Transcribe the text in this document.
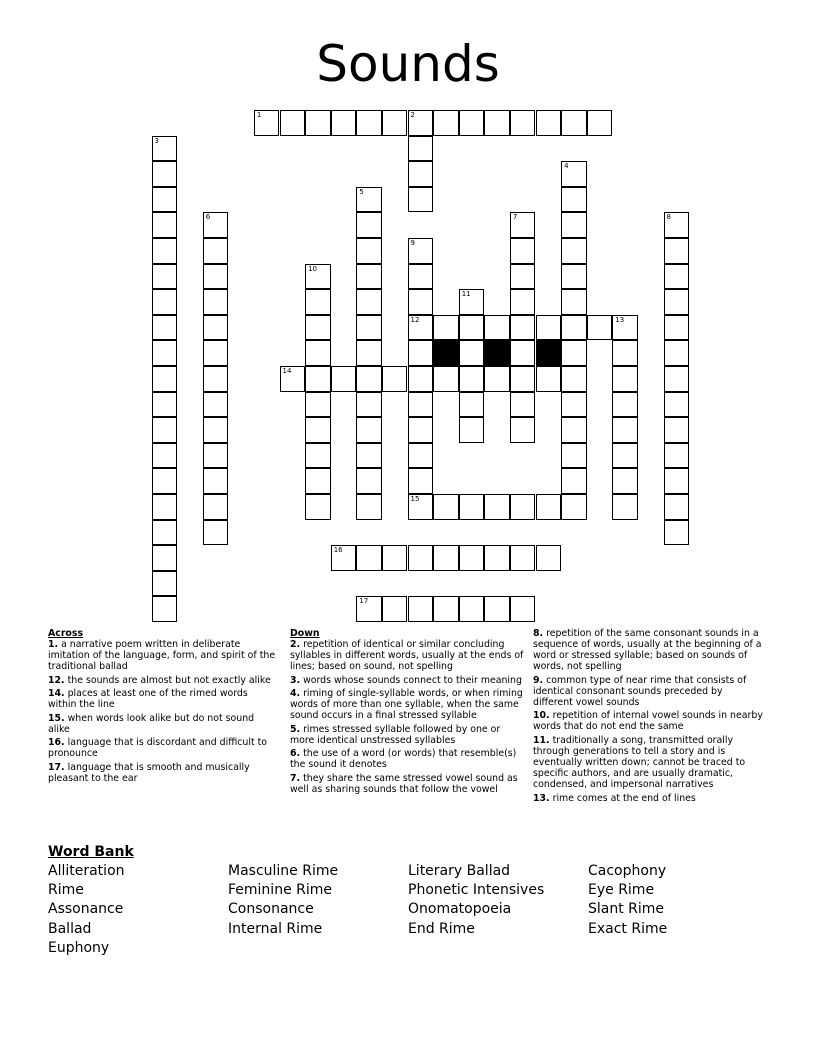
Sounds
1	2
3
4
5
6	7	8
9
10
11
12	13
14
15
16
17
Across
1. a narrative poem written in deliberate imitation of the language, form, and spirit of the traditional ballad
12. the sounds are almost but not exactly alike
14. places at least one of the rimed words within the line
15. when words look alike but do not sound alike
16. language that is discordant and difficult to pronounce
17. language that is smooth and musically pleasant to the ear
Down
2. repetition of identical or similar concluding syllables in different words, usually at the ends of lines; based on sound, not spelling
3. words whose sounds connect to their meaning
4. riming of single-syllable words, or when riming words of more than one syllable, when the same sound occurs in a final stressed syllable
5. rimes stressed syllable followed by one or more identical unstressed syllables
6. the use of a word (or words) that resemble(s) the sound it denotes
7. they share the same stressed vowel sound as well as sharing sounds that follow the vowel
8. repetition of the same consonant sounds in a sequence of words, usually at the beginning of a word or stressed syllable; based on sounds of words, not spelling
9. common type of near rime that consists of identical consonant sounds preceded by different vowel sounds
10. repetition of internal vowel sounds in nearby words that do not end the same
11. traditionally a song, transmitted orally through generations to tell a story and is eventually written down; cannot be traced to specific authors, and are usually dramatic, condensed, and impersonal narratives
13. rime comes at the end of lines
Word Bank
Alliteration
Rime
Assonance
Ballad
Euphony
Masculine Rime
Feminine Rime
Consonance
Internal Rime
Literary Ballad
Phonetic Intensives
Onomatopoeia
End Rime
Cacophony
Eye Rime
Slant Rime
Exact Rime
